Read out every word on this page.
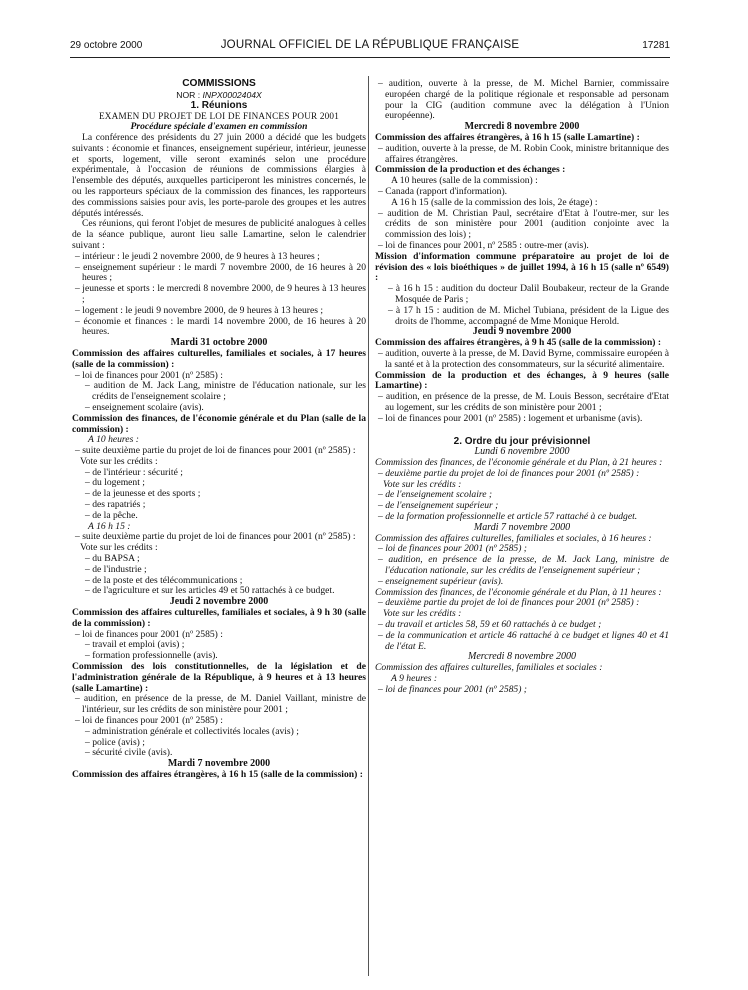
29 octobre 2000	JOURNAL OFFICIEL DE LA RÉPUBLIQUE FRANÇAISE	17281

COMMISSIONS

NOR : INPX0002404X

1. Réunions

EXAMEN DU PROJET DE LOI DE FINANCES POUR 2001

Procédure spéciale d'examen en commission

La conférence des présidents du 27 juin 2000 a décidé que les budgets suivants : économie et finances, enseignement supérieur, intérieur, jeunesse et sports, logement, ville seront examinés selon une procédure expérimentale, à l'occasion de réunions de commissions élargies à l'ensemble des députés, auxquelles participeront les ministres concernés, le ou les rapporteurs spéciaux de la commission des finances, les rapporteurs des commissions saisies pour avis, les porte-parole des groupes et les autres députés intéressés.

Ces réunions, qui feront l'objet de mesures de publicité analogues à celles de la séance publique, auront lieu salle Lamartine, selon le calendrier suivant :

– intérieur : le jeudi 2 novembre 2000, de 9 heures à 13 heures ;

– enseignement supérieur : le mardi 7 novembre 2000, de 16 heures à 20 heures ;

– jeunesse et sports : le mercredi 8 novembre 2000, de 9 heures à 13 heures ;

– logement : le jeudi 9 novembre 2000, de 9 heures à 13 heures ;

– économie et finances : le mardi 14 novembre 2000, de 16 heures à 20 heures.

Mardi 31 octobre 2000

Commission des affaires culturelles, familiales et sociales, à 17 heures (salle de la commission) :

– loi de finances pour 2001 (nº 2585) :

– audition de M. Jack Lang, ministre de l'éducation nationale, sur les crédits de l'enseignement scolaire ;

– enseignement scolaire (avis).

Commission des finances, de l'économie générale et du Plan (salle de la commission) :

A 10 heures :

– suite deuxième partie du projet de loi de finances pour 2001 (nº 2585) :

Vote sur les crédits :

– de l'intérieur : sécurité ;

– du logement ;

– de la jeunesse et des sports ;

– des rapatriés ;

– de la pêche.

A 16 h 15 :

– suite deuxième partie du projet de loi de finances pour 2001 (nº 2585) :

Vote sur les crédits :

– du BAPSA ;

– de l'industrie ;

– de la poste et des télécommunications ;

– de l'agriculture et sur les articles 49 et 50 rattachés à ce budget.

Jeudi 2 novembre 2000

Commission des affaires culturelles, familiales et sociales, à 9 h 30 (salle de la commission) :

– loi de finances pour 2001 (nº 2585) :

– travail et emploi (avis) ;

– formation professionnelle (avis).

Commission des lois constitutionnelles, de la législation et de l'administration générale de la République, à 9 heures et à 13 heures (salle Lamartine) :

– audition, en présence de la presse, de M. Daniel Vaillant, ministre de l'intérieur, sur les crédits de son ministère pour 2001 ;

– loi de finances pour 2001 (nº 2585) :

– administration générale et collectivités locales (avis) ;

– police (avis) ;

– sécurité civile (avis).

Mardi 7 novembre 2000

Commission des affaires étrangères, à 16 h 15 (salle de la commission) :

– audition, ouverte à la presse, de M. Michel Barnier, commissaire européen chargé de la politique régionale et responsable ad personam pour la CIG (audition commune avec la délégation à l'Union européenne).

Mercredi 8 novembre 2000

Commission des affaires étrangères, à 16 h 15 (salle Lamartine) :

– audition, ouverte à la presse, de M. Robin Cook, ministre britannique des affaires étrangères.

Commission de la production et des échanges :

A 10 heures (salle de la commission) :

– Canada (rapport d'information).

A 16 h 15 (salle de la commission des lois, 2e étage) :

– audition de M. Christian Paul, secrétaire d'Etat à l'outre-mer, sur les crédits de son ministère pour 2001 (audition conjointe avec la commission des lois) ;

– loi de finances pour 2001, nº 2585 : outre-mer (avis).

Mission d'information commune préparatoire au projet de loi de révision des « lois bioéthiques » de juillet 1994, à 16 h 15 (salle nº 6549) :

– à 16 h 15 : audition du docteur Dalil Boubakeur, recteur de la Grande Mosquée de Paris ;

– à 17 h 15 : audition de M. Michel Tubiana, président de la Ligue des droits de l'homme, accompagné de Mme Monique Herold.

Jeudi 9 novembre 2000

Commission des affaires étrangères, à 9 h 45 (salle de la commission) :

– audition, ouverte à la presse, de M. David Byrne, commissaire européen à la santé et à la protection des consommateurs, sur la sécurité alimentaire.

Commission de la production et des échanges, à 9 heures (salle Lamartine) :

– audition, en présence de la presse, de M. Louis Besson, secrétaire d'Etat au logement, sur les crédits de son ministère pour 2001 ;

– loi de finances pour 2001 (nº 2585) : logement et urbanisme (avis).

2. Ordre du jour prévisionnel

Lundi 6 novembre 2000

Commission des finances, de l'économie générale et du Plan, à 21 heures :

– deuxième partie du projet de loi de finances pour 2001 (nº 2585) :

Vote sur les crédits :

– de l'enseignement scolaire ;

– de l'enseignement supérieur ;

– de la formation professionnelle et article 57 rattaché à ce budget.

Mardi 7 novembre 2000

Commission des affaires culturelles, familiales et sociales, à 16 heures :

– loi de finances pour 2001 (nº 2585) ;

– audition, en présence de la presse, de M. Jack Lang, ministre de l'éducation nationale, sur les crédits de l'enseignement supérieur ;

– enseignement supérieur (avis).

Commission des finances, de l'économie générale et du Plan, à 11 heures :

– deuxième partie du projet de loi de finances pour 2001 (nº 2585) :

Vote sur les crédits :

– du travail et articles 58, 59 et 60 rattachés à ce budget ;

– de la communication et article 46 rattaché à ce budget et lignes 40 et 41 de l'état E.

Mercredi 8 novembre 2000

Commission des affaires culturelles, familiales et sociales :

A 9 heures :

– loi de finances pour 2001 (nº 2585) ;
